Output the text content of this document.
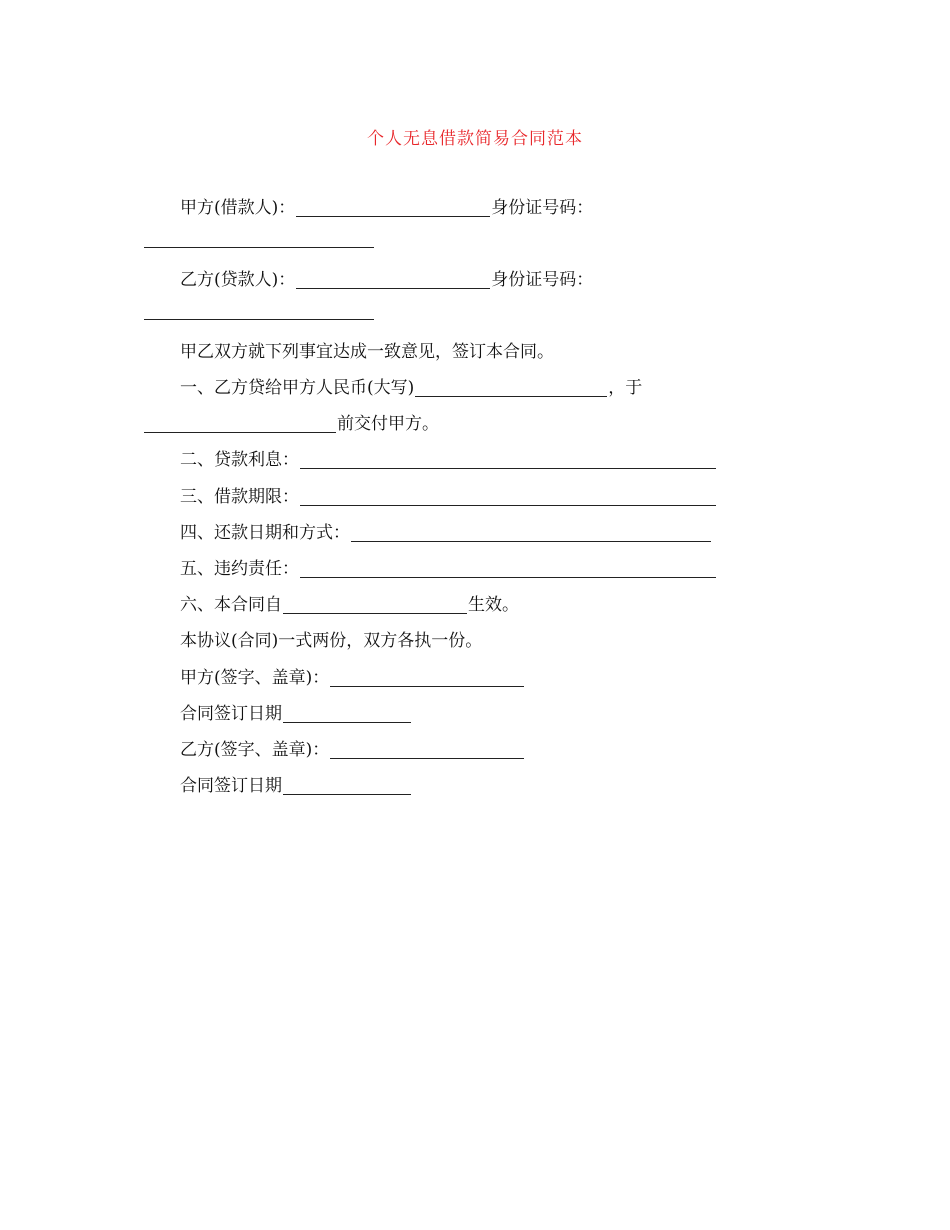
个人无息借款简易合同范本
甲方(借款人)：	身份证号码：
乙方(贷款人)：	身份证号码：
甲乙双方就下列事宜达成一致意见，签订本合同。
一、乙方贷给甲方人民币(大写)	，于
前交付甲方。
二、贷款利息：
三、借款期限：
四、还款日期和方式：
五、违约责任：
六、本合同自	生效。
本协议(合同)一式两份，双方各执一份。
甲方(签字、盖章)：
合同签订日期
乙方(签字、盖章)：
合同签订日期
